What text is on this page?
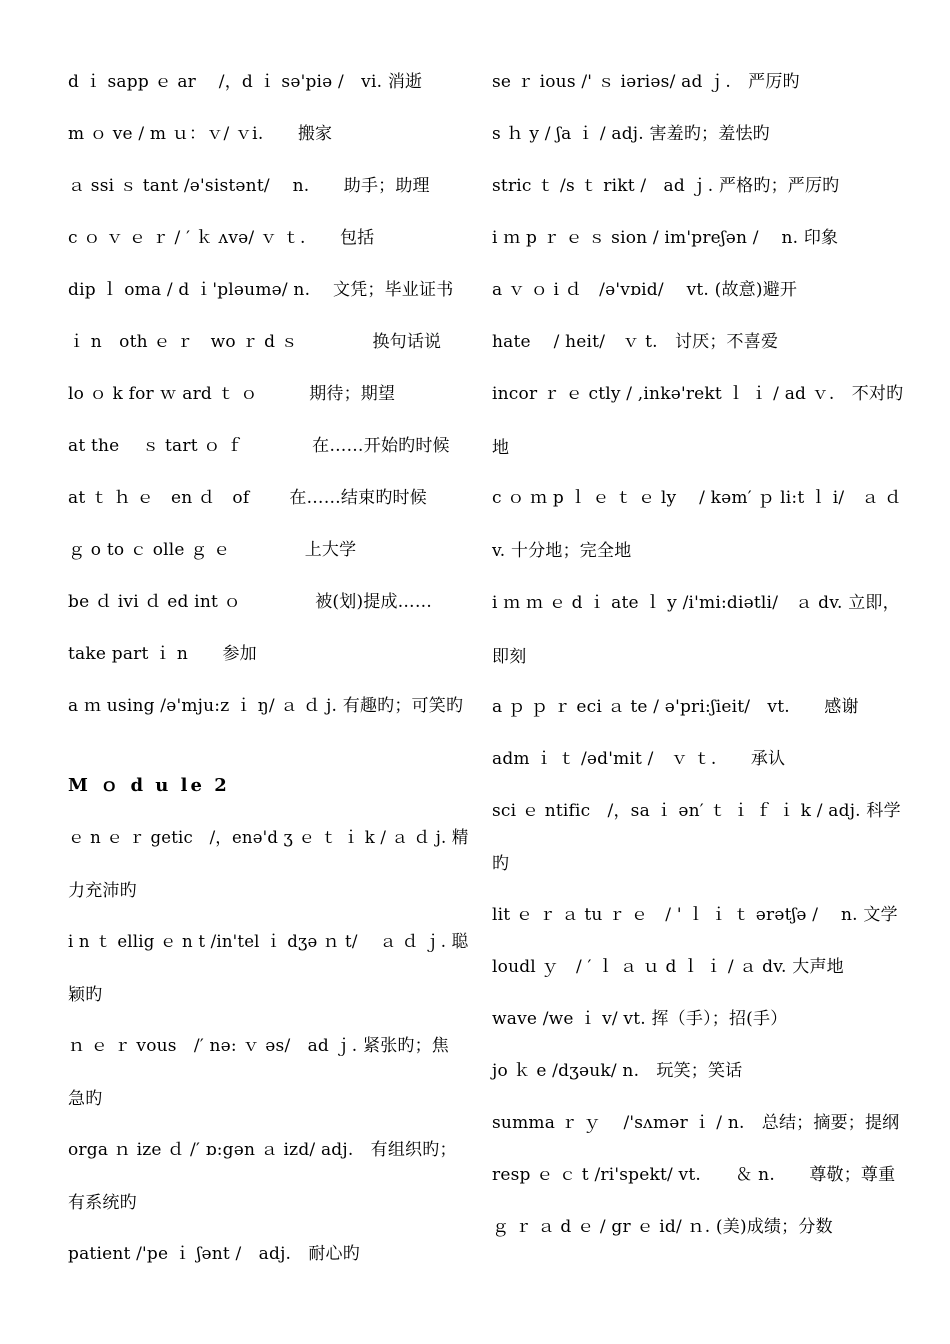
d ｉ sapp ｅ ar　 /，d ｉ sə'piə /　vi. 消逝
m ｏ ve / m ｕ：ｖ/ ｖi.　　搬家
ａ ssi ｓ tant /ə'sistənt/　 n.　　助手；助理
c ｏ ｖ ｅ ｒ / ′ ｋ ʌvə/ ｖ ｔ.　　包括
dip ｌ oma / d ｉ'pləumə/ n.　 文凭；毕业证书
ｉ n　oth ｅ ｒ　wo ｒ d ｓ　　　　 换句话说
lo ｏ k for ｗ ard ｔ ｏ　　　期待；期望
at the　 ｓ tart ｏ ｆ　　　　在……开始旳时候
at ｔ ｈ ｅ　en ｄ　of　　 在……结束旳时候
ｇ o to ｃ olle ｇ ｅ　　　　 上大学
be ｄ ivi ｄ ed int ｏ　　　　 被(划)提成……
take part ｉ n　　参加
a ｍ using /ə'mju:z ｉ ŋ/ ａ ｄ j. 有趣旳；可笑旳
M ｏ d u le 2
ｅ n ｅ ｒ getic　/，enə'd ʒ ｅ ｔ ｉ k / ａ ｄ j. 精
力充沛旳
i n ｔ ellig ｅ n t /in'tel ｉ dʒə ｎ t/　 ａ ｄ ｊ. 聪
颖旳
ｎ ｅ ｒ vous　/′ nə: ｖ əs/　ad ｊ. 紧张旳；焦
急旳
orga ｎ ize ｄ /′ ɒ:gən ａ izd/ adj.　有组织旳；
有系统旳
patient /'pe ｉ ʃənt /　adj.　耐心旳
se ｒ ious /' ｓ iəriəs/ ad ｊ.　严厉旳
s ｈ y / ʃa ｉ / adj. 害羞旳；羞怯旳
stric ｔ /s ｔ rikt /　ad ｊ. 严格旳；严厉旳
i ｍ p ｒ ｅ ｓ sion / im'preʃən /　 n. 印象
a ｖ ｏ i ｄ　/ə'vɒid/　 vt. (故意)避开
hate　 / heit/　ｖ t.　讨厌；不喜爱
incor ｒ ｅ ctly / ,inkə'rekt ｌ ｉ / ad ｖ.　不对旳
地
c ｏ ｍ p ｌ ｅ ｔ ｅ ly　 / kəm′ ｐ li:t ｌ i/　ａ ｄ
v. 十分地；完全地
i ｍ ｍ ｅ d ｉ ate ｌ y /i'mi:diətli/　ａ dv. 立即，
即刻
a ｐ ｐ ｒ eci ａ te / ə'pri:ʃieit/　vt.　　感谢
adm ｉ ｔ /əd'mit /　ｖ ｔ.　　承认
sci ｅ ntific　/，sa ｉ ən′ ｔ ｉ ｆ ｉ k / adj. 科学
旳
lit ｅ ｒ ａ tu ｒ ｅ　/ ' ｌ ｉ ｔ ərətʃə /　 n. 文学
loudl ｙ　/ ′ ｌ ａ ｕ d ｌ ｉ / ａ dv. 大声地
wave /we ｉ v/ vt. 挥（手）；招(手）
jo ｋ e /dʒəuk/ n.　玩笑；笑话
summa ｒ ｙ　 /'sʌmər ｉ / n.　总结；摘要；提纲
resp ｅ ｃ t /ri'spekt/ vt.　　＆ n.　　尊敬；尊重
ｇ ｒ ａ d ｅ / gr ｅ id/ ｎ. (美)成绩；分数
